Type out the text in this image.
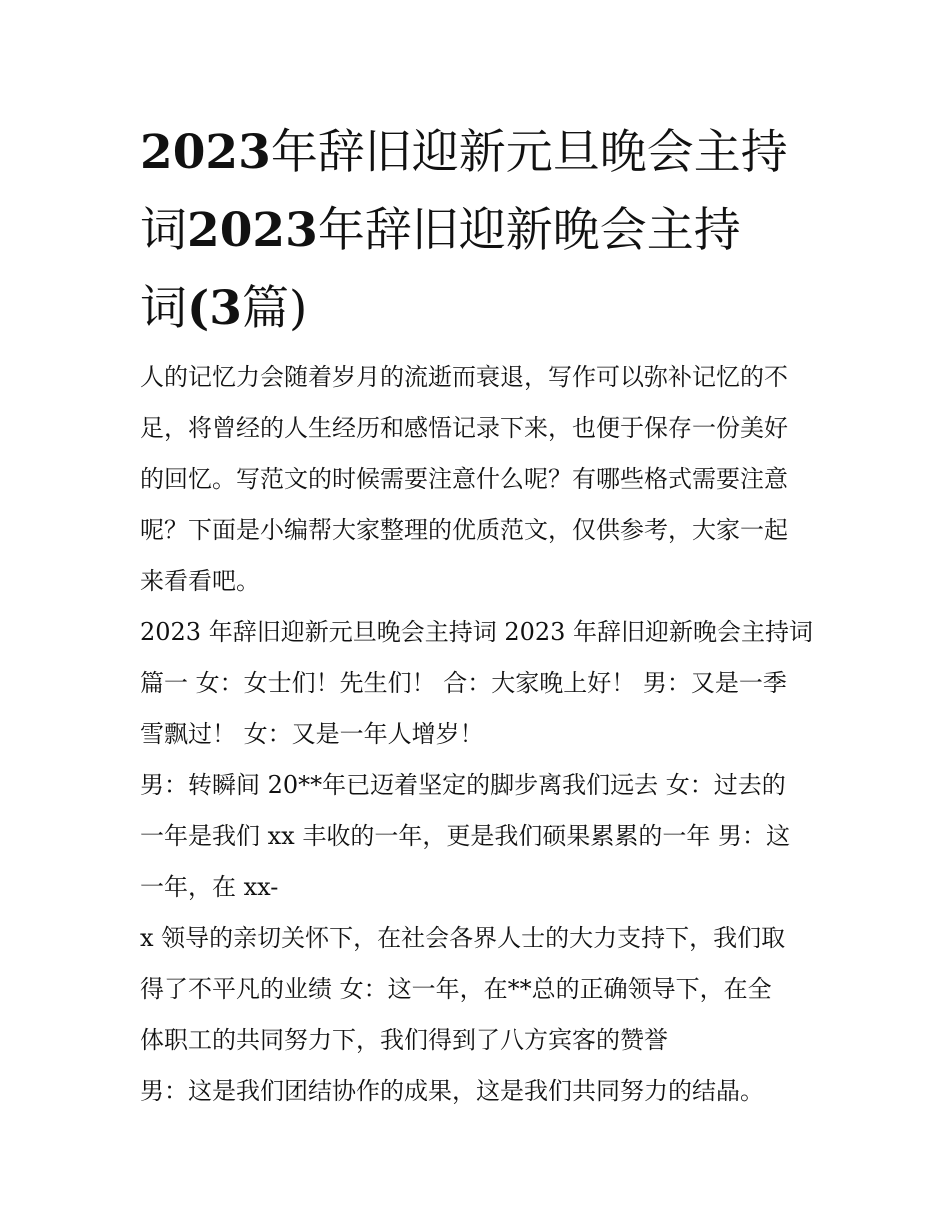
2023年辞旧迎新元旦晚会主持
词2023年辞旧迎新晚会主持
词(3篇)
人的记忆力会随着岁月的流逝而衰退，写作可以弥补记忆的不
足，将曾经的人生经历和感悟记录下来，也便于保存一份美好
的回忆。写范文的时候需要注意什么呢？有哪些格式需要注意
呢？下面是小编帮大家整理的优质范文，仅供参考，大家一起
来看看吧。
2023 年辞旧迎新元旦晚会主持词 2023 年辞旧迎新晚会主持词
篇一 女：女士们！先生们！ 合：大家晚上好！ 男：又是一季
雪飘过！ 女：又是一年人增岁！
男：转瞬间 20**年已迈着坚定的脚步离我们远去 女：过去的
一年是我们 xx 丰收的一年，更是我们硕果累累的一年 男：这
一年，在 xx-
x 领导的亲切关怀下，在社会各界人士的大力支持下，我们取
得了不平凡的业绩 女：这一年，在**总的正确领导下，在全
体职工的共同努力下，我们得到了八方宾客的赞誉
男：这是我们团结协作的成果，这是我们共同努力的结晶。
